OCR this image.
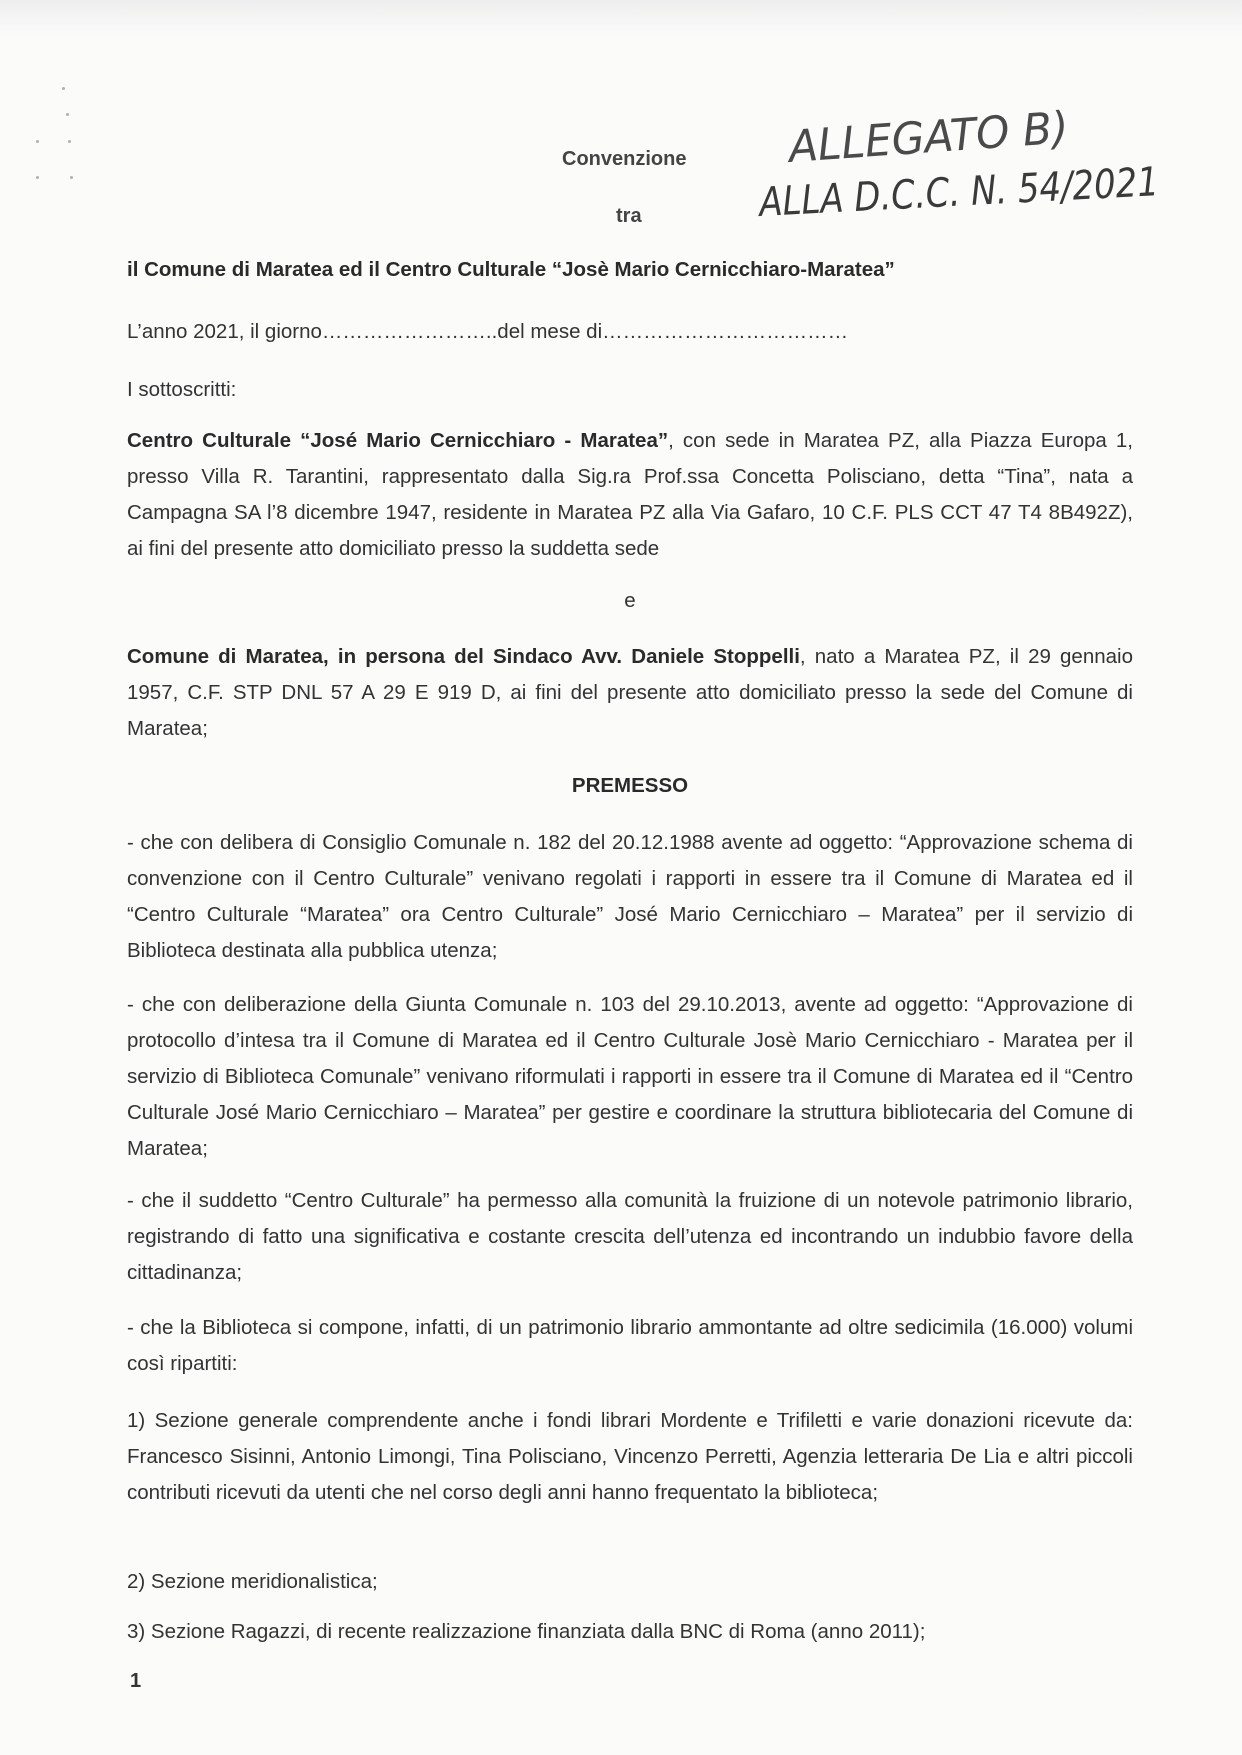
Convenzione
tra
ALLEGATO B)
ALLA D.C.C. N. 54/2021
il Comune di Maratea ed il Centro Culturale “Josè Mario Cernicchiaro-Maratea”
L’anno 2021, il giorno……………………..del mese di………………………………
I sottoscritti:
Centro Culturale “José Mario Cernicchiaro - Maratea”, con sede in Maratea PZ, alla Piazza Europa 1, presso Villa R. Tarantini, rappresentato dalla Sig.ra Prof.ssa Concetta Polisciano, detta “Tina”, nata a Campagna SA l’8 dicembre 1947, residente in Maratea PZ alla Via Gafaro, 10 C.F. PLS CCT 47 T4 8B492Z), ai fini del presente atto domiciliato presso la suddetta sede
e
Comune di Maratea, in persona del Sindaco Avv. Daniele Stoppelli, nato a Maratea PZ, il 29 gennaio 1957, C.F. STP DNL 57 A 29 E 919 D, ai fini del presente atto domiciliato presso la sede del Comune di Maratea;
PREMESSO
- che con delibera di Consiglio Comunale n. 182 del 20.12.1988 avente ad oggetto: “Approvazione schema di convenzione con il Centro Culturale” venivano regolati i rapporti in essere tra il Comune di Maratea ed il “Centro Culturale “Maratea” ora Centro Culturale” José Mario Cernicchiaro – Maratea” per il servizio di Biblioteca destinata alla pubblica utenza;
- che con deliberazione della Giunta Comunale n. 103 del 29.10.2013, avente ad oggetto: “Approvazione di protocollo d’intesa tra il Comune di Maratea ed il Centro Culturale Josè Mario Cernicchiaro - Maratea per il servizio di Biblioteca Comunale” venivano riformulati i rapporti in essere tra il Comune di Maratea ed il “Centro Culturale José Mario Cernicchiaro – Maratea” per gestire e coordinare la struttura bibliotecaria del Comune di Maratea;
- che il suddetto “Centro Culturale” ha permesso alla comunità la fruizione di un notevole patrimonio librario, registrando di fatto una significativa e costante crescita dell’utenza ed incontrando un indubbio favore della cittadinanza;
- che la Biblioteca si compone, infatti, di un patrimonio librario ammontante ad oltre sedicimila (16.000) volumi così ripartiti:
1) Sezione generale comprendente anche i fondi librari Mordente e Trifiletti e varie donazioni ricevute da: Francesco Sisinni, Antonio Limongi, Tina Polisciano, Vincenzo Perretti, Agenzia letteraria De Lia e altri piccoli contributi ricevuti da utenti che nel corso degli anni hanno frequentato la biblioteca;
2) Sezione meridionalistica;
3) Sezione Ragazzi, di recente realizzazione finanziata dalla BNC di Roma (anno 2011);
1
